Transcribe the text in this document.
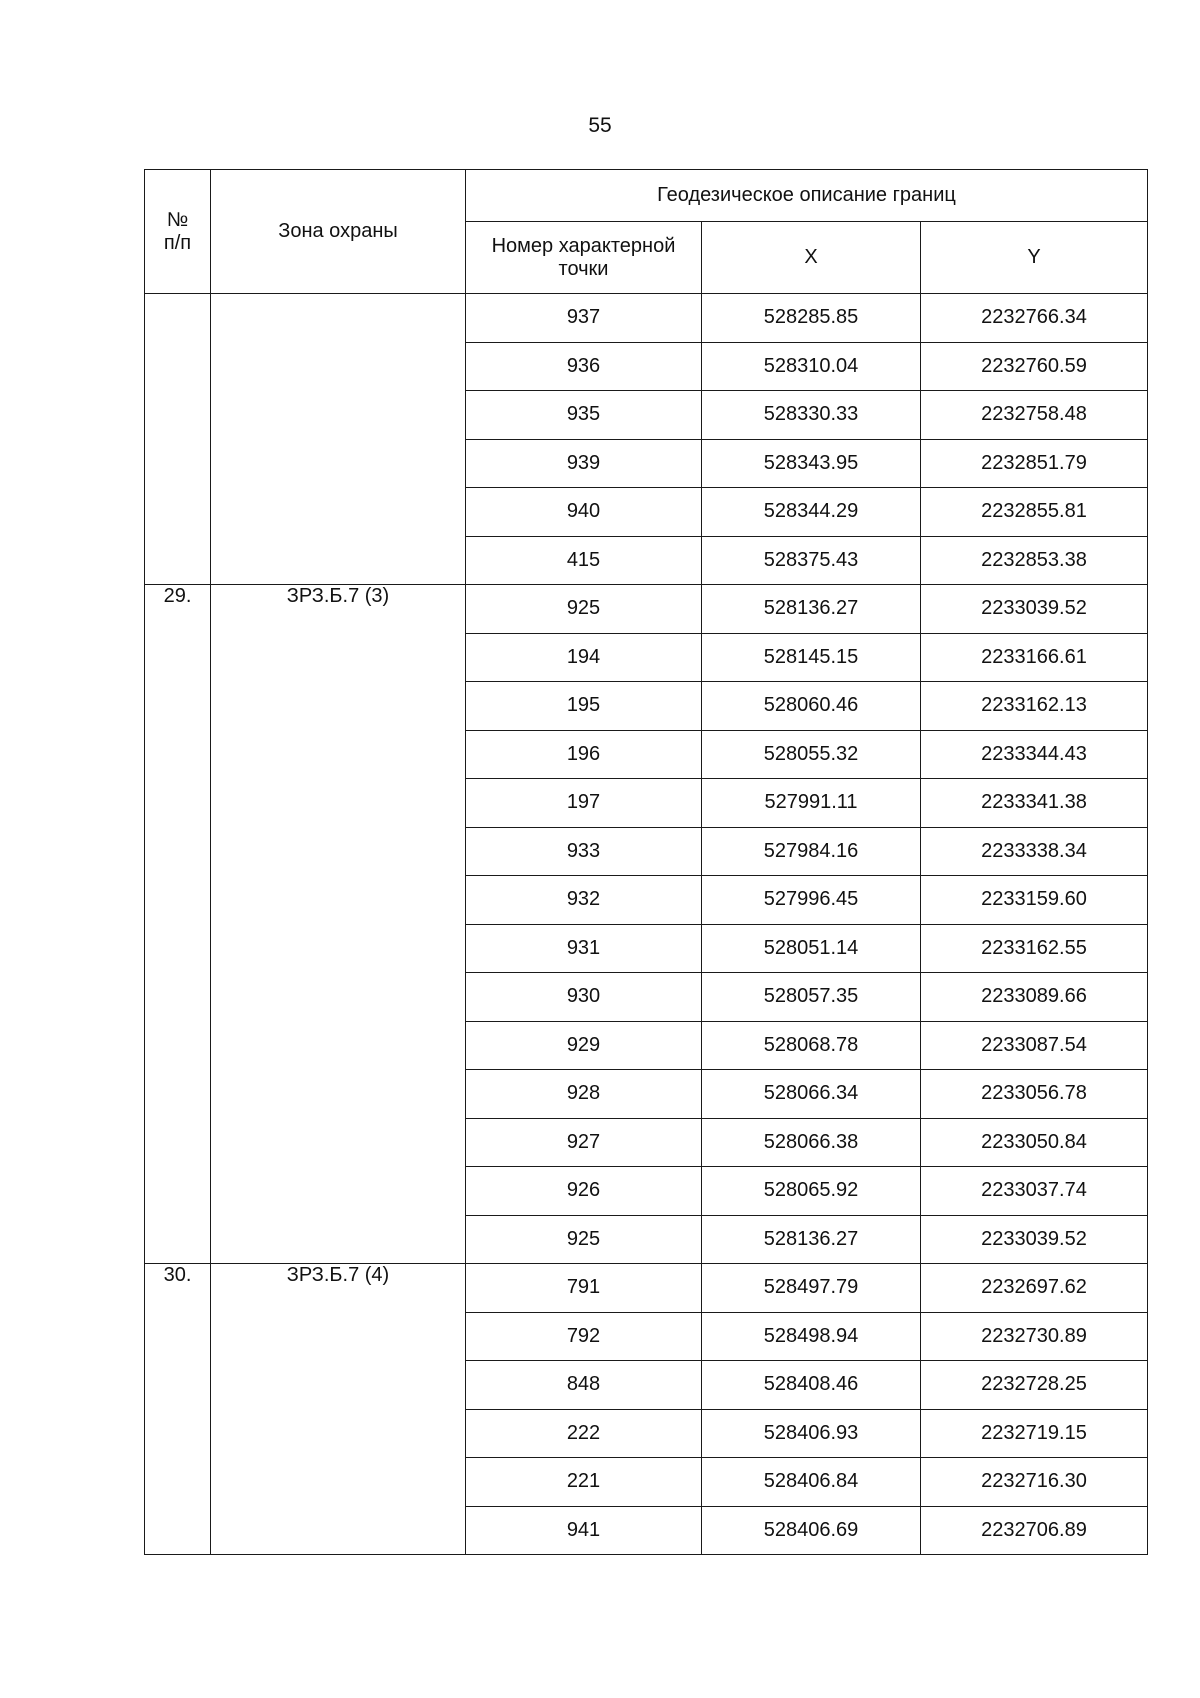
55
№
п/п	Зона охраны	Геодезическое описание границ		
		Номер характерной
точки	X	Y
		937	528285.85	2232766.34
		936	528310.04	2232760.59
		935	528330.33	2232758.48
		939	528343.95	2232851.79
		940	528344.29	2232855.81
		415	528375.43	2232853.38
29.	ЗРЗ.Б.7 (3)	925	528136.27	2233039.52
		194	528145.15	2233166.61
		195	528060.46	2233162.13
		196	528055.32	2233344.43
		197	527991.11	2233341.38
		933	527984.16	2233338.34
		932	527996.45	2233159.60
		931	528051.14	2233162.55
		930	528057.35	2233089.66
		929	528068.78	2233087.54
		928	528066.34	2233056.78
		927	528066.38	2233050.84
		926	528065.92	2233037.74
		925	528136.27	2233039.52
30.	ЗРЗ.Б.7 (4)	791	528497.79	2232697.62
		792	528498.94	2232730.89
		848	528408.46	2232728.25
		222	528406.93	2232719.15
		221	528406.84	2232716.30
		941	528406.69	2232706.89
